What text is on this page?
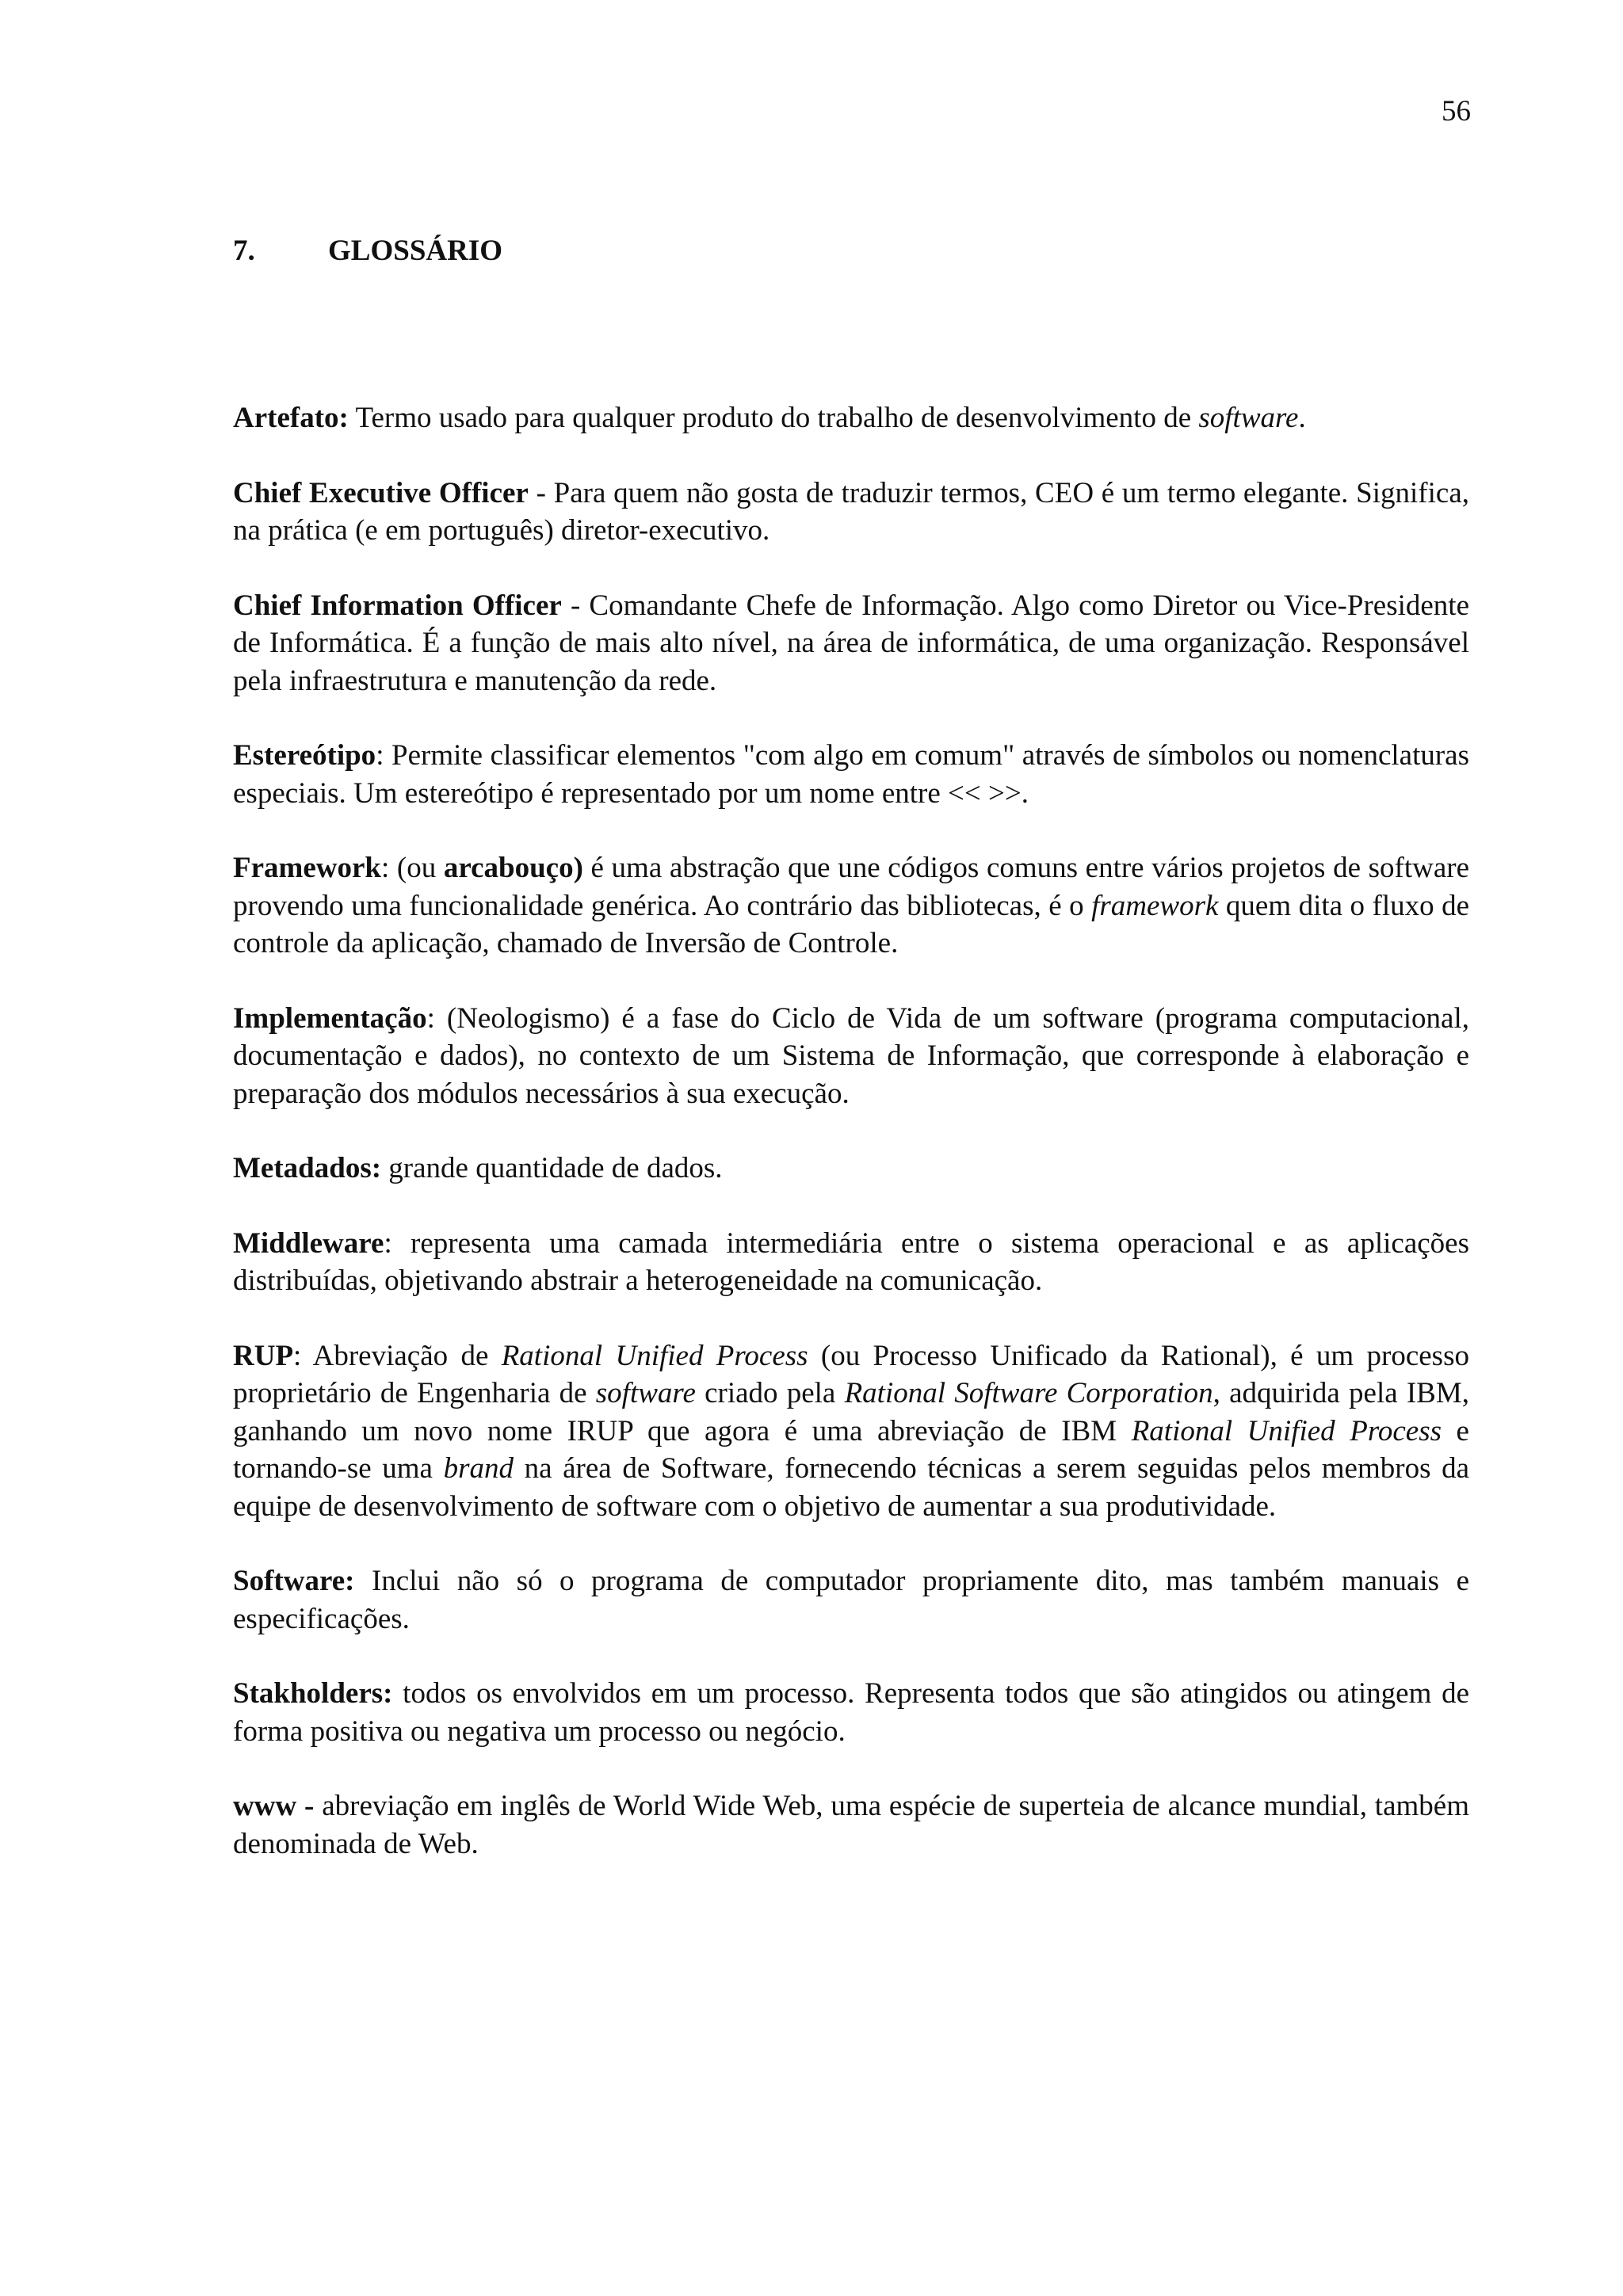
56
7. GLOSSÁRIO

Artefato: Termo usado para qualquer produto do trabalho de desenvolvimento de software.

Chief Executive Officer - Para quem não gosta de traduzir termos, CEO é um termo elegante. Significa, na prática (e em português) diretor-executivo.

Chief Information Officer - Comandante Chefe de Informação. Algo como Diretor ou Vice-Presidente de Informática. É a função de mais alto nível, na área de informática, de uma organização. Responsável pela infraestrutura e manutenção da rede.

Estereótipo: Permite classificar elementos "com algo em comum" através de símbolos ou nomenclaturas especiais. Um estereótipo é representado por um nome entre << >>.

Framework: (ou arcabouço) é uma abstração que une códigos comuns entre vários projetos de software provendo uma funcionalidade genérica. Ao contrário das bibliotecas, é o framework quem dita o fluxo de controle da aplicação, chamado de Inversão de Controle.

Implementação: (Neologismo) é a fase do Ciclo de Vida de um software (programa computacional, documentação e dados), no contexto de um Sistema de Informação, que corresponde à elaboração e preparação dos módulos necessários à sua execução.

Metadados: grande quantidade de dados.

Middleware: representa uma camada intermediária entre o sistema operacional e as aplicações distribuídas, objetivando abstrair a heterogeneidade na comunicação.

RUP: Abreviação de Rational Unified Process (ou Processo Unificado da Rational), é um processo proprietário de Engenharia de software criado pela Rational Software Corporation, adquirida pela IBM, ganhando um novo nome IRUP que agora é uma abreviação de IBM Rational Unified Process e tornando-se uma brand na área de Software, fornecendo técnicas a serem seguidas pelos membros da equipe de desenvolvimento de software com o objetivo de aumentar a sua produtividade.

Software: Inclui não só o programa de computador propriamente dito, mas também manuais e especificações.

Stakholders: todos os envolvidos em um processo. Representa todos que são atingidos ou atingem de forma positiva ou negativa um processo ou negócio.

www - abreviação em inglês de World Wide Web, uma espécie de superteia de alcance mundial, também denominada de Web.
